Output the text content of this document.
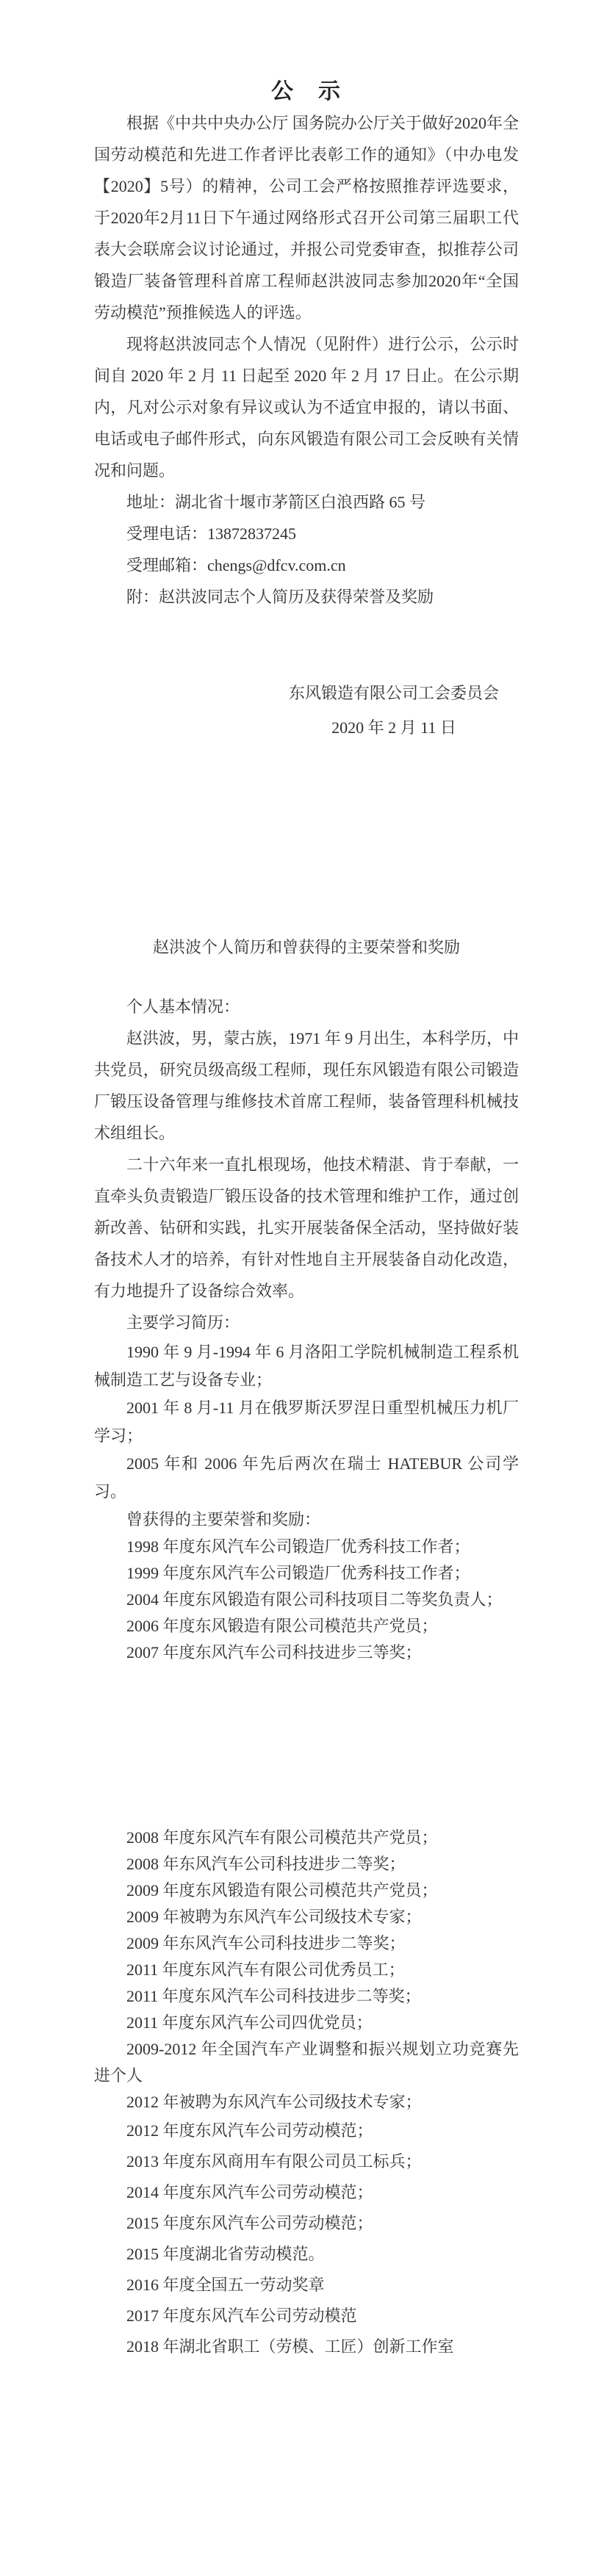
公　示

根据《中共中央办公厅 国务院办公厅关于做好2020年全国劳动模范和先进工作者评比表彰工作的通知》（中办电发【2020】5号）的精神，公司工会严格按照推荐评选要求，于2020年2月11日下午通过网络形式召开公司第三届职工代表大会联席会议讨论通过，并报公司党委审查，拟推荐公司锻造厂装备管理科首席工程师赵洪波同志参加2020年“全国劳动模范”预推候选人的评选。

现将赵洪波同志个人情况（见附件）进行公示，公示时间自 2020 年 2 月 11 日起至 2020 年 2 月 17 日止。在公示期内，凡对公示对象有异议或认为不适宜申报的，请以书面、电话或电子邮件形式，向东风锻造有限公司工会反映有关情况和问题。

地址：湖北省十堰市茅箭区白浪西路 65 号

受理电话：13872837245

受理邮箱：chengs@dfcv.com.cn

附：赵洪波同志个人简历及获得荣誉及奖励

东风锻造有限公司工会委员会

2020 年 2 月 11 日

赵洪波个人简历和曾获得的主要荣誉和奖励

个人基本情况：

赵洪波，男，蒙古族，1971 年 9 月出生，本科学历，中共党员，研究员级高级工程师，现任东风锻造有限公司锻造厂锻压设备管理与维修技术首席工程师，装备管理科机械技术组组长。

二十六年来一直扎根现场，他技术精湛、肯于奉献，一直牵头负责锻造厂锻压设备的技术管理和维护工作，通过创新改善、钻研和实践，扎实开展装备保全活动，坚持做好装备技术人才的培养，有针对性地自主开展装备自动化改造，有力地提升了设备综合效率。

主要学习简历：

1990 年 9 月-1994 年 6 月洛阳工学院机械制造工程系机械制造工艺与设备专业；

2001 年 8 月-11 月在俄罗斯沃罗涅日重型机械压力机厂学习；

2005 年和 2006 年先后两次在瑞士 HATEBUR 公司学习。

曾获得的主要荣誉和奖励：

1998 年度东风汽车公司锻造厂优秀科技工作者；

1999 年度东风汽车公司锻造厂优秀科技工作者；

2004 年度东风锻造有限公司科技项目二等奖负责人；

2006 年度东风锻造有限公司模范共产党员；

2007 年度东风汽车公司科技进步三等奖；

2008 年度东风汽车有限公司模范共产党员；

2008 年东风汽车公司科技进步二等奖；

2009 年度东风锻造有限公司模范共产党员；

2009 年被聘为东风汽车公司级技术专家；

2009 年东风汽车公司科技进步二等奖；

2011 年度东风汽车有限公司优秀员工；

2011 年度东风汽车公司科技进步二等奖；

2011 年度东风汽车公司四优党员；

2009-2012 年全国汽车产业调整和振兴规划立功竞赛先进个人

2012 年被聘为东风汽车公司级技术专家；

2012 年度东风汽车公司劳动模范；

2013 年度东风商用车有限公司员工标兵；

2014 年度东风汽车公司劳动模范；

2015 年度东风汽车公司劳动模范；

2015 年度湖北省劳动模范。

2016 年度全国五一劳动奖章

2017 年度东风汽车公司劳动模范

2018 年湖北省职工（劳模、工匠）创新工作室
